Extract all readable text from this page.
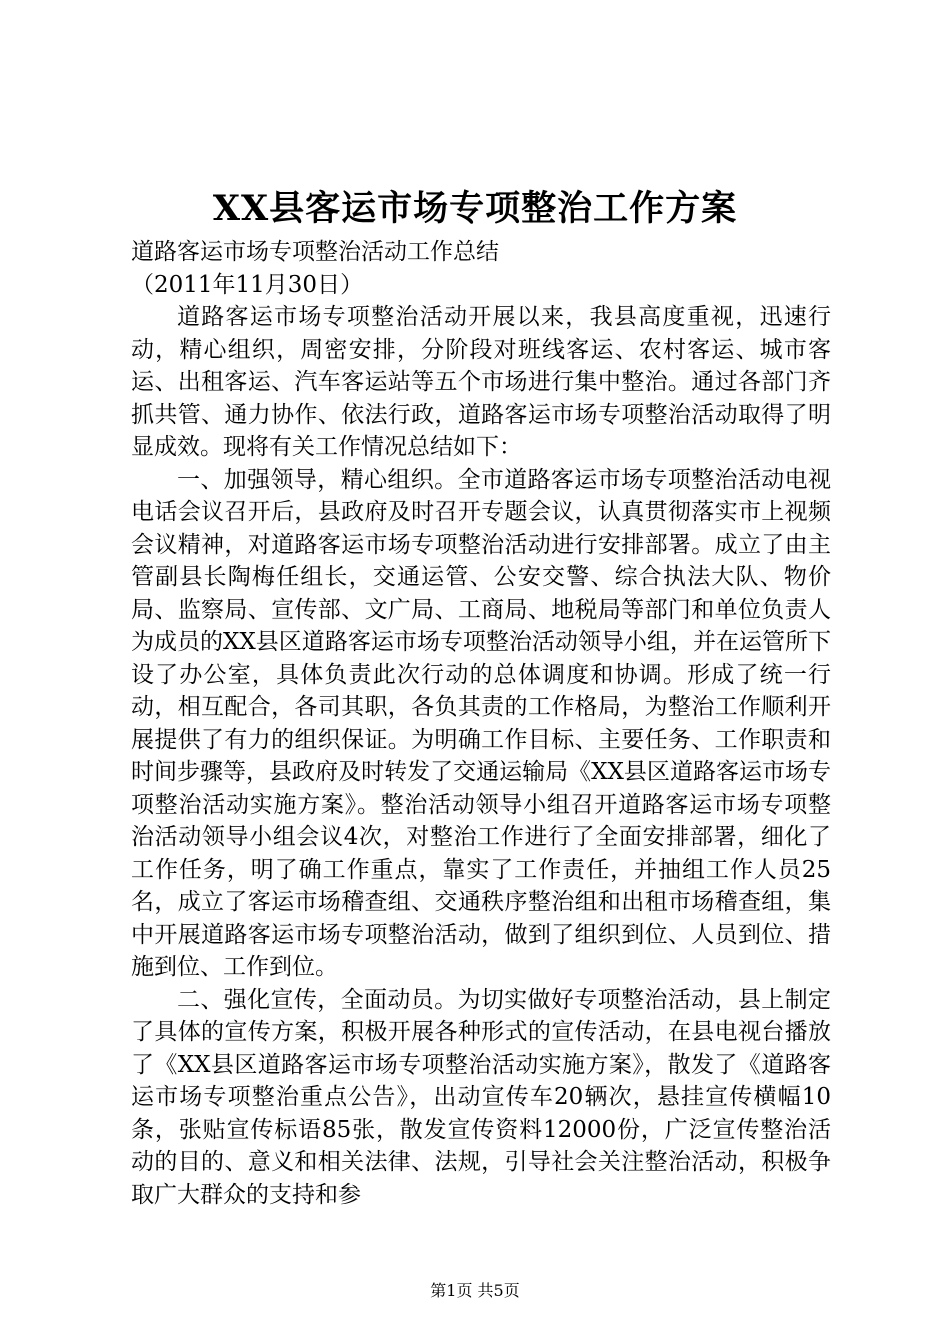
XX县客运市场专项整治工作方案

道路客运市场专项整治活动工作总结

（2011年11月30日）

道路客运市场专项整治活动开展以来，我县高度重视，迅速行动，精心组织，周密安排，分阶段对班线客运、农村客运、城市客运、出租客运、汽车客运站等五个市场进行集中整治。通过各部门齐抓共管、通力协作、依法行政，道路客运市场专项整治活动取得了明显成效。现将有关工作情况总结如下：

一、加强领导，精心组织。全市道路客运市场专项整治活动电视电话会议召开后，县政府及时召开专题会议，认真贯彻落实市上视频会议精神，对道路客运市场专项整治活动进行安排部署。成立了由主管副县长陶梅任组长，交通运管、公安交警、综合执法大队、物价局、监察局、宣传部、文广局、工商局、地税局等部门和单位负责人为成员的XX县区道路客运市场专项整治活动领导小组，并在运管所下设了办公室，具体负责此次行动的总体调度和协调。形成了统一行动，相互配合，各司其职，各负其责的工作格局，为整治工作顺利开展提供了有力的组织保证。为明确工作目标、主要任务、工作职责和时间步骤等，县政府及时转发了交通运输局《XX县区道路客运市场专项整治活动实施方案》。整治活动领导小组召开道路客运市场专项整治活动领导小组会议4次，对整治工作进行了全面安排部署，细化了工作任务，明了确工作重点，靠实了工作责任，并抽组工作人员25名，成立了客运市场稽查组、交通秩序整治组和出租市场稽查组，集中开展道路客运市场专项整治活动，做到了组织到位、人员到位、措施到位、工作到位。

二、强化宣传，全面动员。为切实做好专项整治活动，县上制定了具体的宣传方案，积极开展各种形式的宣传活动，在县电视台播放了《XX县区道路客运市场专项整治活动实施方案》，散发了《道路客运市场专项整治重点公告》，出动宣传车20辆次，悬挂宣传横幅10条，张贴宣传标语85张，散发宣传资料12000份，广泛宣传整治活动的目的、意义和相关法律、法规，引导社会关注整治活动，积极争取广大群众的支持和参

第1页 共5页
